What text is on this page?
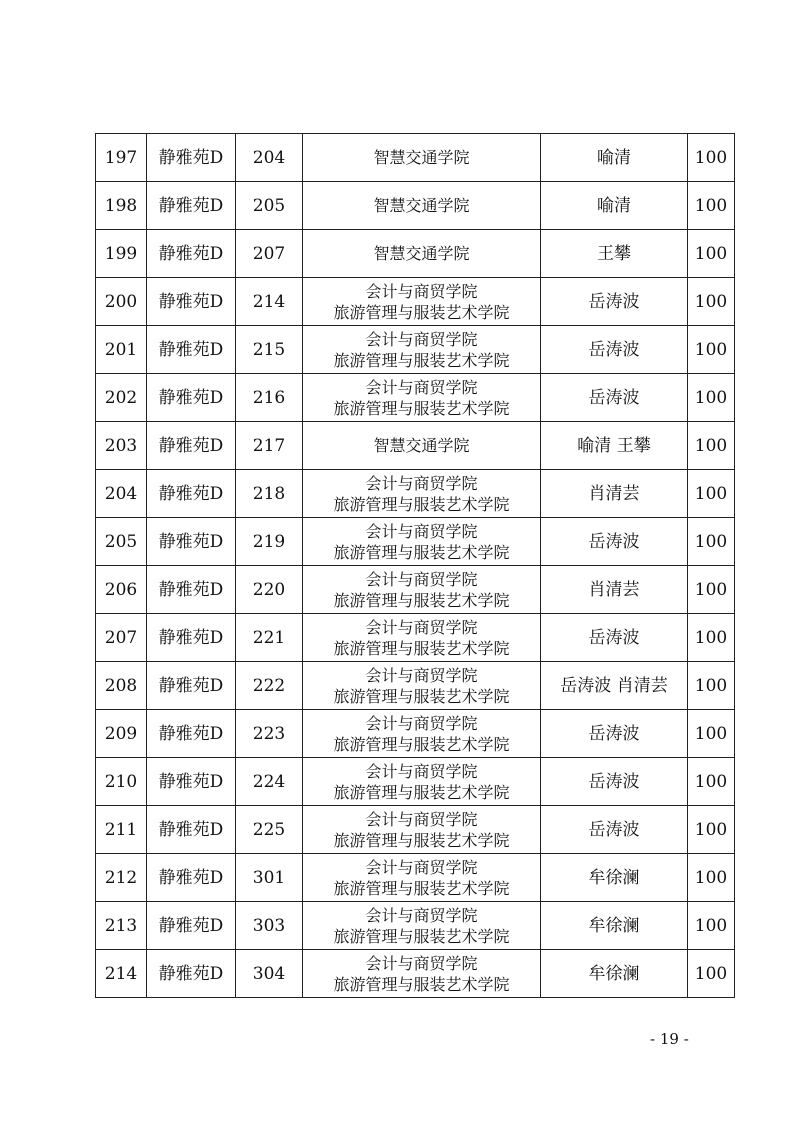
197	静雅苑D	204	智慧交通学院	喻清	100
198	静雅苑D	205	智慧交通学院	喻清	100
199	静雅苑D	207	智慧交通学院	王攀	100
200	静雅苑D	214	会计与商贸学院
旅游管理与服装艺术学院	岳涛波	100
201	静雅苑D	215	会计与商贸学院
旅游管理与服装艺术学院	岳涛波	100
202	静雅苑D	216	会计与商贸学院
旅游管理与服装艺术学院	岳涛波	100
203	静雅苑D	217	智慧交通学院	喻清 王攀	100
204	静雅苑D	218	会计与商贸学院
旅游管理与服装艺术学院	肖清芸	100
205	静雅苑D	219	会计与商贸学院
旅游管理与服装艺术学院	岳涛波	100
206	静雅苑D	220	会计与商贸学院
旅游管理与服装艺术学院	肖清芸	100
207	静雅苑D	221	会计与商贸学院
旅游管理与服装艺术学院	岳涛波	100
208	静雅苑D	222	会计与商贸学院
旅游管理与服装艺术学院	岳涛波 肖清芸	100
209	静雅苑D	223	会计与商贸学院
旅游管理与服装艺术学院	岳涛波	100
210	静雅苑D	224	会计与商贸学院
旅游管理与服装艺术学院	岳涛波	100
211	静雅苑D	225	会计与商贸学院
旅游管理与服装艺术学院	岳涛波	100
212	静雅苑D	301	会计与商贸学院
旅游管理与服装艺术学院	牟徐澜	100
213	静雅苑D	303	会计与商贸学院
旅游管理与服装艺术学院	牟徐澜	100
214	静雅苑D	304	会计与商贸学院
旅游管理与服装艺术学院	牟徐澜	100
- 19 -
